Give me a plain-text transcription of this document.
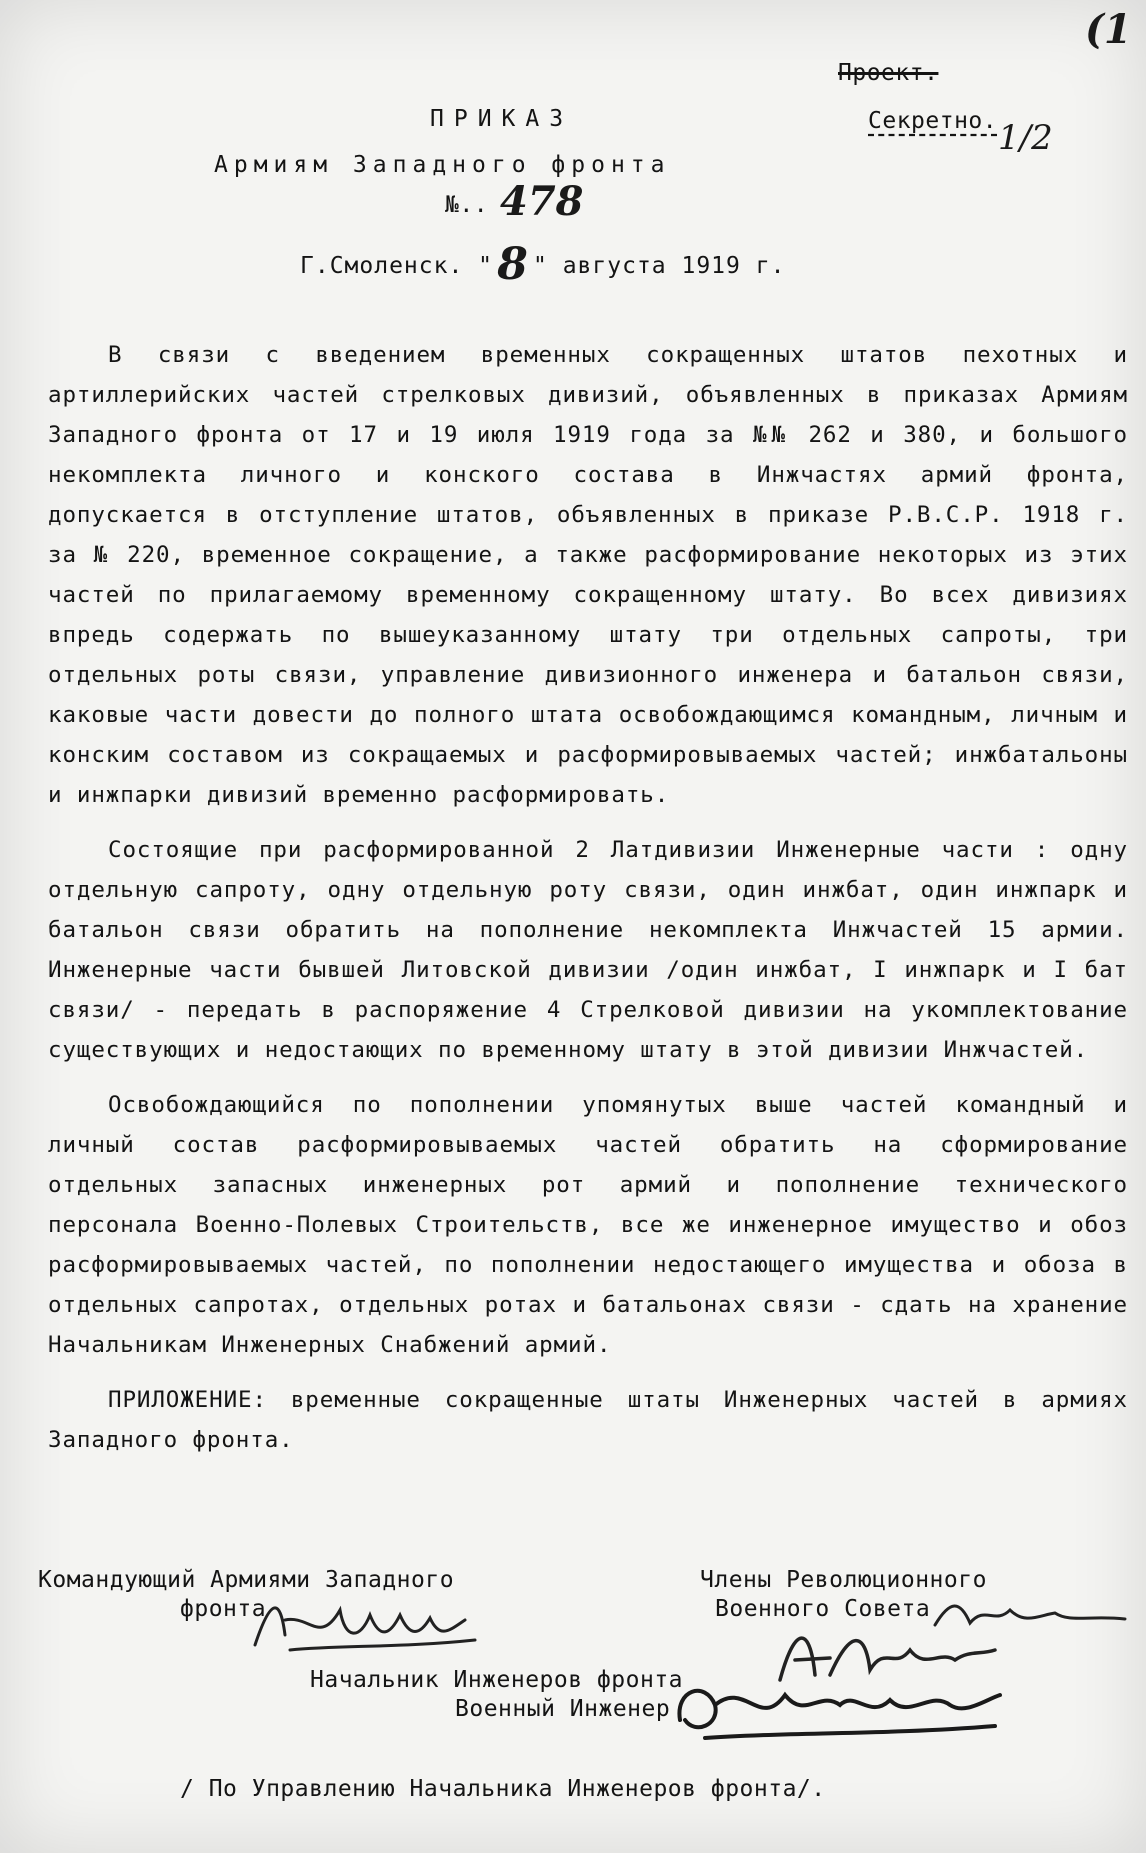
(1
Проект.
Секретно. 1/2
ПРИКАЗ
Армиям Западного фронта
№.. 478
Г.Смоленск. "8 " августа 1919 г.

В связи с введением временных сокращенных штатов пехотных и артиллерийских частей стрелковых дивизий, объявленных в приказах Армиям Западного фронта от 17 и 19 июля 1919 года за №№ 262 и 380, и большого некомплекта личного и конского состава в Инжчастях армий фронта, допускается в отступление штатов, объявленных в приказе Р.В.С.Р. 1918 г. за № 220, временное сокращение, а также расформирование некоторых из этих частей по прилагаемому временному сокращенному штату. Во всех дивизиях впредь содержать по вышеуказанному штату три отдельных сапроты, три отдельных роты связи, управление дивизионного инженера и батальон связи, каковые части довести до полного штата освобождающимся командным, личным и конским составом из сокращаемых и расформировываемых частей; инжбатальоны и инжпарки дивизий временно расформировать.

Состоящие при расформированной 2 Латдивизии Инженерные части : одну отдельную сапроту, одну отдельную роту связи, один инжбат, один инжпарк и батальон связи обратить на пополнение некомплекта Инжчастей 15 армии. Инженерные части бывшей Литовской дивизии /один инжбат, I инжпарк и I бат связи/ - передать в распоряжение 4 Стрелковой дивизии на укомплектование существующих и недостающих по временному штату в этой дивизии Инжчастей.

Освобождающийся по пополнении упомянутых выше частей командный и личный состав расформировываемых частей обратить на сформирование отдельных запасных инженерных рот армий и пополнение технического персонала Военно-Полевых Строительств, все же инженерное имущество и обоз расформировываемых частей, по пополнении недостающего имущества и обоза в отдельных сапротах, отдельных ротах и батальонах связи - сдать на хранение Начальникам Инженерных Снабжений армий.

ПРИЛОЖЕНИЕ: временные сокращенные штаты Инженерных частей в армиях Западного фронта.

Командующий Армиями Западного
фронта
Члены Революционного
Военного Совета
Начальник Инженеров фронта
Военный Инженер
/ По Управлению Начальника Инженеров фронта/.
